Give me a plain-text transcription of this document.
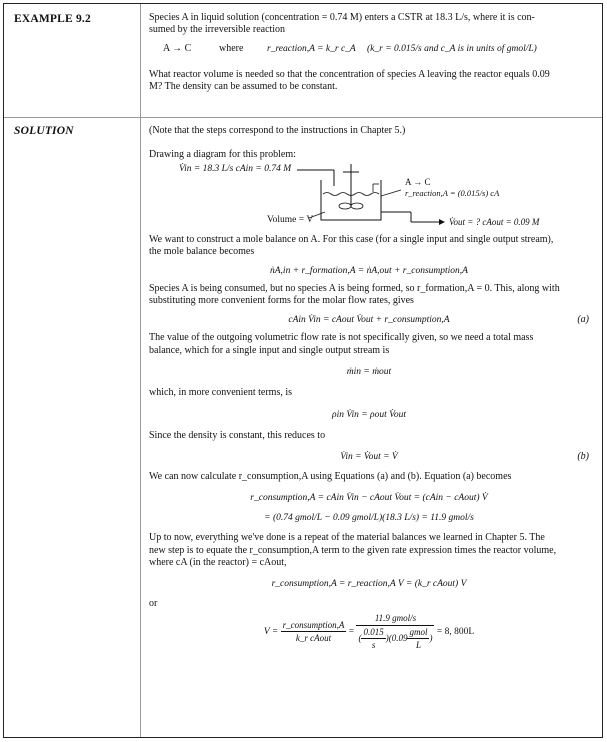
EXAMPLE 9.2
SOLUTION

Species A in liquid solution (concentration = 0.74 M) enters a CSTR at 18.3 L/s, where it is con-

sumed by the irreversible reaction

A → C	where r_reaction,A = k_r c_A (k_r = 0.015/s and c_A is in units of gmol/L)

What reactor volume is needed so that the concentration of species A leaving the reactor equals 0.09

M? The density can be assumed to be constant.

(Note that the steps correspond to the instructions in Chapter 5.)

Drawing a diagram for this problem:

V̇in = 18.3 L/s cAin = 0.74 M
A → C
r_reaction,A = (0.015/s) cA
Volume = V	V̇out = ? cAout = 0.09 M

We want to construct a mole balance on A. For this case (for a single input and single output stream),

the mole balance becomes

ṅA,in + r_formation,A = ṅA,out + r_consumption,A

Species A is being consumed, but no species A is being formed, so r_formation,A = 0. This, along with

substituting more convenient forms for the molar flow rates, gives

cAin V̇in = cAout V̇out + r_consumption,A	(a)

The value of the outgoing volumetric flow rate is not specifically given, so we need a total mass

balance, which for a single input and single output stream is

ṁin = ṁout

which, in more convenient terms, is

ρin V̇in = ρout V̇out

Since the density is constant, this reduces to

V̇in = V̇out = V̇	(b)

We can now calculate r_consumption,A using Equations (a) and (b). Equation (a) becomes

r_consumption,A = cAin V̇in − cAout V̇out = (cAin − cAout) V̇

= (0.74 gmol/L − 0.09 gmol/L)(18.3 L/s) = 11.9 gmol/s

Up to now, everything we've done is a repeat of the material balances we learned in Chapter 5. The

new step is to equate the r_consumption,A term to the given rate expression times the reactor volume,

where cA (in the reactor) = cAout,

r_consumption,A = r_reaction,A V = (k_r cAout) V

or

$V = \frac{\text{r\_consumption,A}}{\text{k\_r cAout}} = \frac{\text{11.9 gmol/s}}{( \frac{0.015}{s} )(0.09 \frac{\text{gmol}}{L} )} = 8$, 800L
